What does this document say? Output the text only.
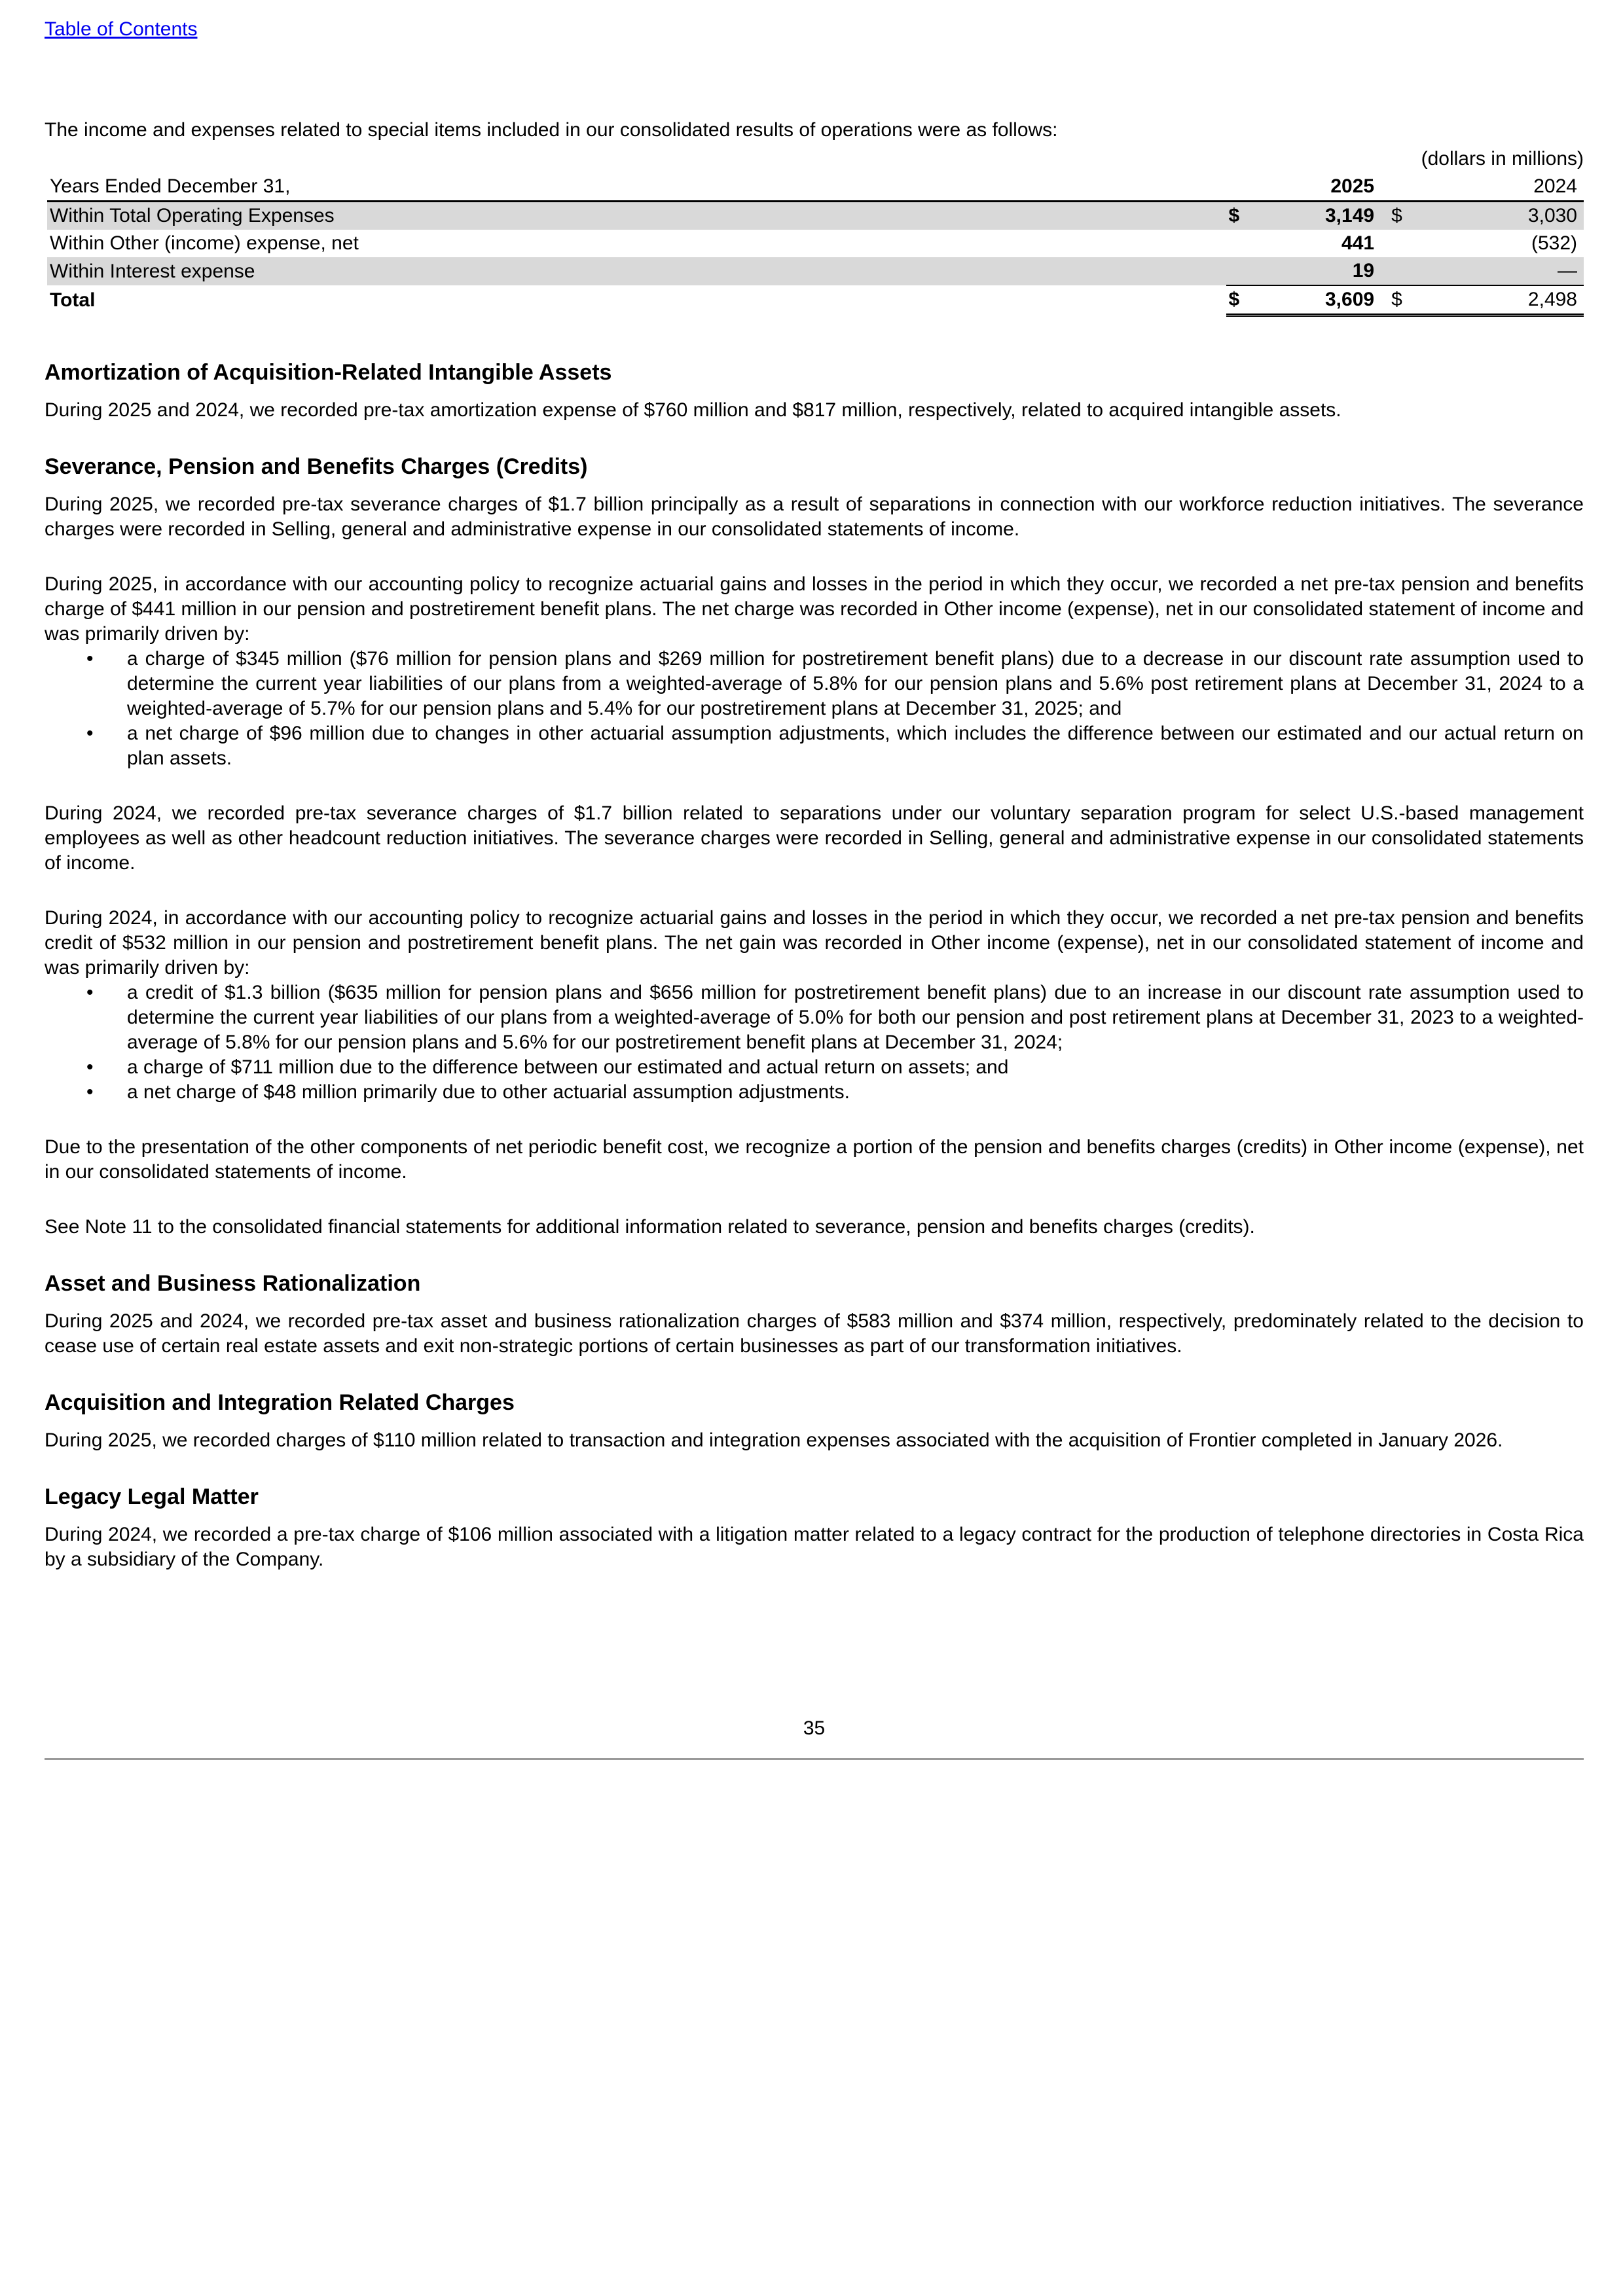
Table of Contents
The income and expenses related to special items included in our consolidated results of operations were as follows:
(dollars in millions)
Years Ended December 31,		2025		2024
Within Total Operating Expenses	$	3,149	$	3,030
Within Other (income) expense, net		441		(532)
Within Interest expense		19		—
Total	$	3,609	$	2,498
Amortization of Acquisition-Related Intangible Assets

During 2025 and 2024, we recorded pre-tax amortization expense of $760 million and $817 million, respectively, related to acquired intangible assets.

Severance, Pension and Benefits Charges (Credits)

During 2025, we recorded pre-tax severance charges of $1.7 billion principally as a result of separations in connection with our workforce reduction initiatives. The severance charges were recorded in Selling, general and administrative expense in our consolidated statements of income.

During 2025, in accordance with our accounting policy to recognize actuarial gains and losses in the period in which they occur, we recorded a net pre-tax pension and benefits charge of $441 million in our pension and postretirement benefit plans. The net charge was recorded in Other income (expense), net in our consolidated statement of income and was primarily driven by:

• a charge of $345 million ($76 million for pension plans and $269 million for postretirement benefit plans) due to a decrease in our discount rate assumption used to determine the current year liabilities of our plans from a weighted-average of 5.8% for our pension plans and 5.6% post retirement plans at December 31, 2024 to a weighted-average of 5.7% for our pension plans and 5.4% for our postretirement plans at December 31, 2025; and
• a net charge of $96 million due to changes in other actuarial assumption adjustments, which includes the difference between our estimated and our actual return on plan assets.

During 2024, we recorded pre-tax severance charges of $1.7 billion related to separations under our voluntary separation program for select U.S.-based management employees as well as other headcount reduction initiatives. The severance charges were recorded in Selling, general and administrative expense in our consolidated statements of income.

During 2024, in accordance with our accounting policy to recognize actuarial gains and losses in the period in which they occur, we recorded a net pre-tax pension and benefits credit of $532 million in our pension and postretirement benefit plans. The net gain was recorded in Other income (expense), net in our consolidated statement of income and was primarily driven by:

• a credit of $1.3 billion ($635 million for pension plans and $656 million for postretirement benefit plans) due to an increase in our discount rate assumption used to determine the current year liabilities of our plans from a weighted-average of 5.0% for both our pension and post retirement plans at December 31, 2023 to a weighted-average of 5.8% for our pension plans and 5.6% for our postretirement benefit plans at December 31, 2024;
• a charge of $711 million due to the difference between our estimated and actual return on assets; and
• a net charge of $48 million primarily due to other actuarial assumption adjustments.

Due to the presentation of the other components of net periodic benefit cost, we recognize a portion of the pension and benefits charges (credits) in Other income (expense), net in our consolidated statements of income.

See Note 11 to the consolidated financial statements for additional information related to severance, pension and benefits charges (credits).

Asset and Business Rationalization

During 2025 and 2024, we recorded pre-tax asset and business rationalization charges of $583 million and $374 million, respectively, predominately related to the decision to cease use of certain real estate assets and exit non-strategic portions of certain businesses as part of our transformation initiatives.

Acquisition and Integration Related Charges

During 2025, we recorded charges of $110 million related to transaction and integration expenses associated with the acquisition of Frontier completed in January 2026.

Legacy Legal Matter

During 2024, we recorded a pre-tax charge of $106 million associated with a litigation matter related to a legacy contract for the production of telephone directories in Costa Rica by a subsidiary of the Company.

35
